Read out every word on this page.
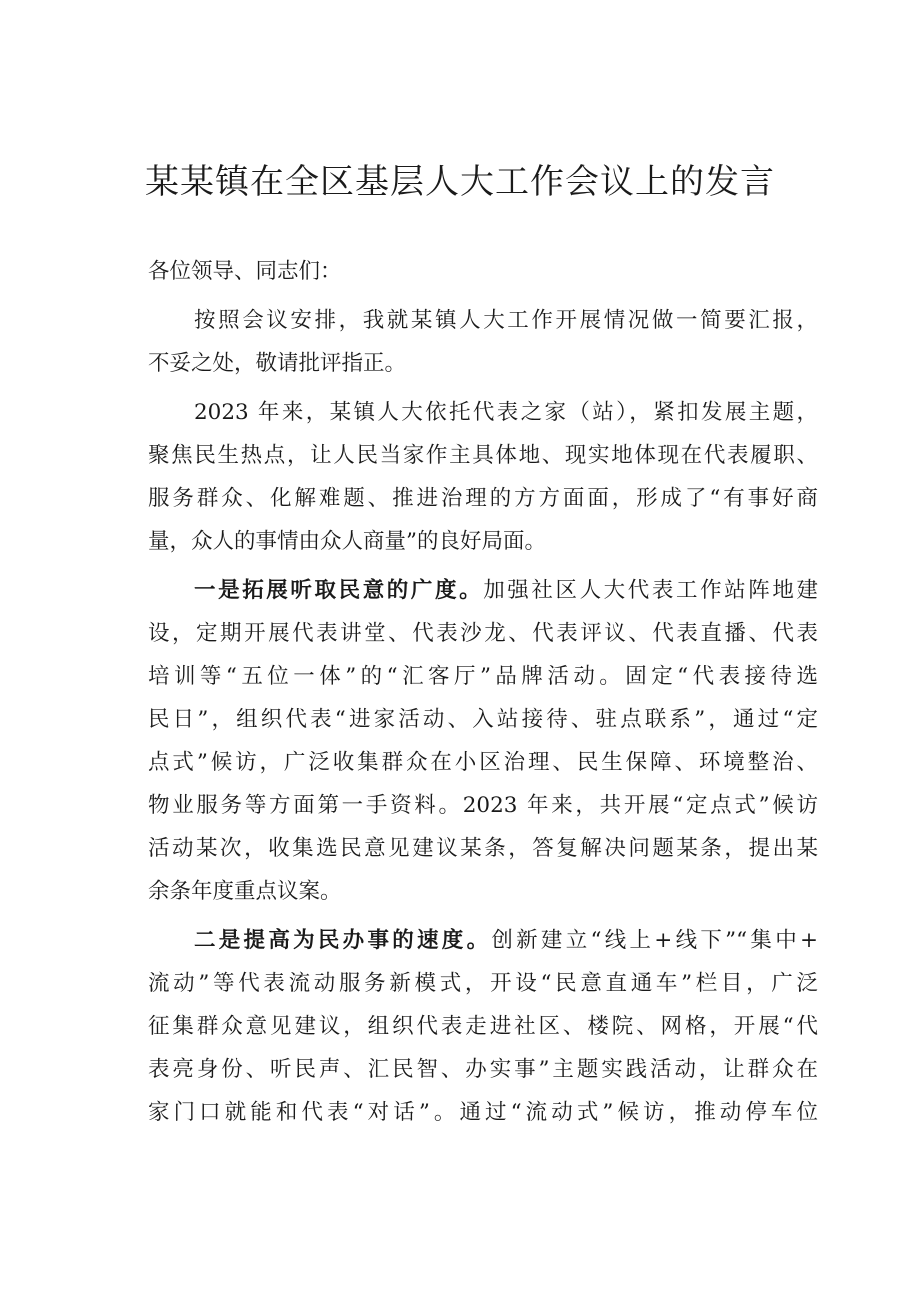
某某镇在全区基层人大工作会议上的发言
各位领导、同志们：
按照会议安排，我就某镇人大工作开展情况做一简要汇报，
不妥之处，敬请批评指正。
2023 年来，某镇人大依托代表之家（站），紧扣发展主题，
聚焦民生热点，让人民当家作主具体地、现实地体现在代表履职、
服务群众、化解难题、推进治理的方方面面，形成了“有事好商
量，众人的事情由众人商量”的良好局面。
一是拓展听取民意的广度。加强社区人大代表工作站阵地建
设，定期开展代表讲堂、代表沙龙、代表评议、代表直播、代表
培训等“五位一体”的“汇客厅”品牌活动。固定“代表接待选
民日”，组织代表“进家活动、入站接待、驻点联系”，通过“定
点式”候访，广泛收集群众在小区治理、民生保障、环境整治、
物业服务等方面第一手资料。2023 年来，共开展“定点式”候访
活动某次，收集选民意见建议某条，答复解决问题某条，提出某
余条年度重点议案。
二是提高为民办事的速度。创新建立“线上+线下”“集中+
流动”等代表流动服务新模式，开设“民意直通车”栏目，广泛
征集群众意见建议，组织代表走进社区、楼院、网格，开展“代
表亮身份、听民声、汇民智、办实事”主题实践活动，让群众在
家门口就能和代表“对话”。通过“流动式”候访，推动停车位
